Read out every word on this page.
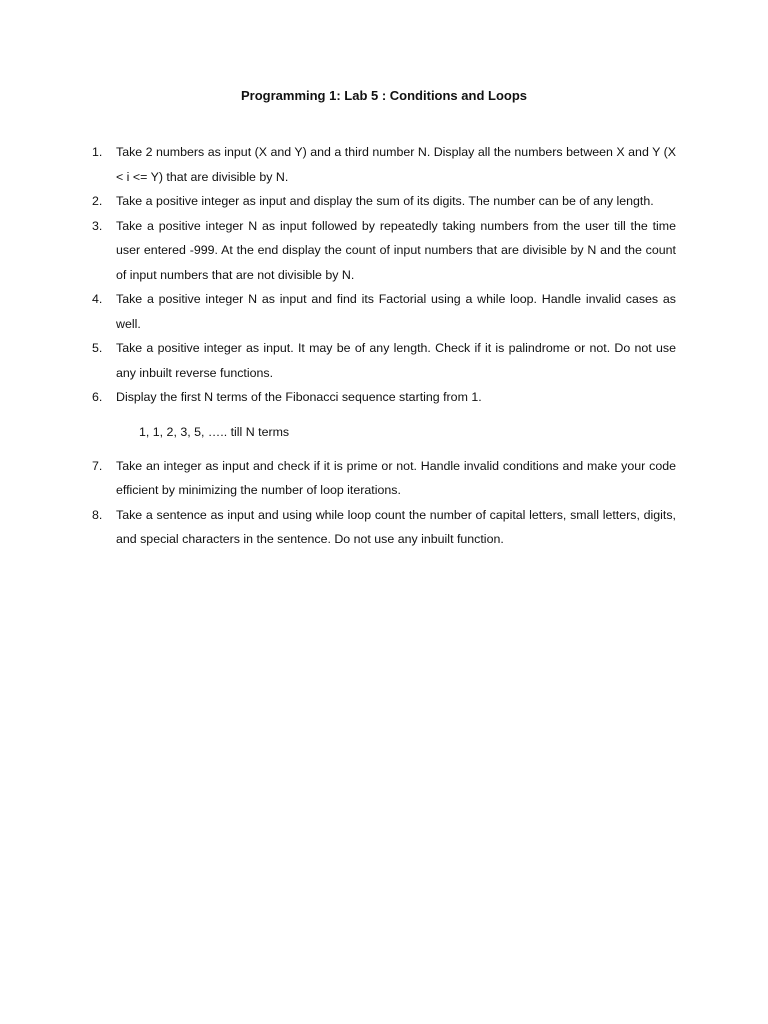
Programming 1: Lab 5 : Conditions and Loops
1. Take 2 numbers as input (X and Y) and a third number N. Display all the numbers between X and Y (X < i <= Y) that are divisible by N.
2. Take a positive integer as input and display the sum of its digits. The number can be of any length.
3. Take a positive integer N as input followed by repeatedly taking numbers from the user till the time user entered -999. At the end display the count of input numbers that are divisible by N and the count of input numbers that are not divisible by N.
4. Take a positive integer N as input and find its Factorial using a while loop. Handle invalid cases as well.
5. Take a positive integer as input. It may be of any length. Check if it is palindrome or not. Do not use any inbuilt reverse functions.
6. Display the first N terms of the Fibonacci sequence starting from 1.
1, 1, 2, 3, 5, ….. till N terms
7. Take an integer as input and check if it is prime or not. Handle invalid conditions and make your code efficient by minimizing the number of loop iterations.
8. Take a sentence as input and using while loop count the number of capital letters, small letters, digits, and special characters in the sentence. Do not use any inbuilt function.
